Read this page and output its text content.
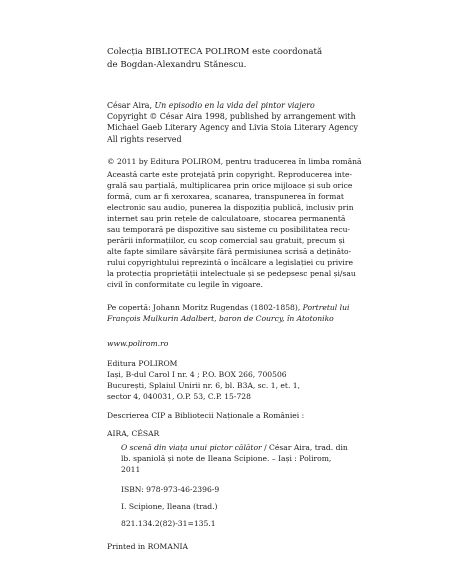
Colecția BIBLIOTECA POLIROM este coordonată

de Bogdan-Alexandru Stănescu.

César Aira, Un episodio en la vida del pintor viajero

Copyright © César Aira 1998, published by arrangement with

Michael Gaeb Literary Agency and Livia Stoia Literary Agency

All rights reserved

© 2011 by Editura POLIROM, pentru traducerea în limba română

Această carte este protejată prin copyright. Reproducerea inte-

grală sau parțială, multiplicarea prin orice mijloace și sub orice

formă, cum ar fi xeroxarea, scanarea, transpunerea în format

electronic sau audio, punerea la dispoziția publică, inclusiv prin

internet sau prin rețele de calculatoare, stocarea permanentă

sau temporară pe dispozitive sau sisteme cu posibilitatea recu-

perării informațiilor, cu scop comercial sau gratuit, precum și

alte fapte similare săvârșite fără permisiunea scrisă a deținăto-

rului copyrightului reprezintă o încălcare a legislației cu privire

la protecția proprietății intelectuale și se pedepsesc penal și/sau

civil în conformitate cu legile în vigoare.

Pe copertă: Johann Moritz Rugendas (1802-1858), Portretul lui

François Mulkurin Adalbert, baron de Courcy, în Atotoniko

www.polirom.ro

Editura POLIROM

Iași, B-dul Carol I nr. 4 ; P.O. BOX 266, 700506

București, Splaiul Unirii nr. 6, bl. B3A, sc. 1, et. 1,

sector 4, 040031, O.P. 53, C.P. 15-728

Descrierea CIP a Bibliotecii Naționale a României :

AIRA, CÉSAR

O scenă din viața unui pictor călător / César Aira, trad. din

lb. spaniolă și note de Ileana Scipione. – Iași : Polirom,

2011

ISBN: 978-973-46-2396-9

I. Scipione, Ileana (trad.)

821.134.2(82)-31=135.1

Printed in ROMANIA
